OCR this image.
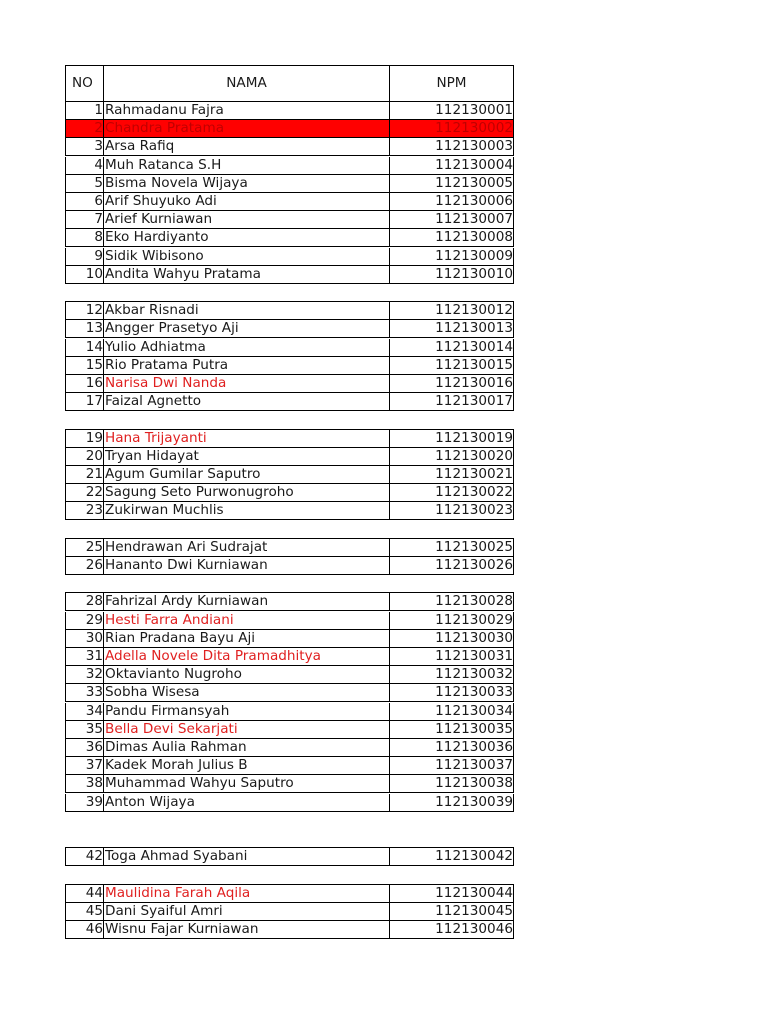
NO	NAMA	NPM
1 Rahmadanu Fajra	112130001
2 Chandra Pratama	112130002
3 Arsa Rafiq	112130003
4 Muh Ratanca S.H	112130004
5 Bisma Novela Wijaya	112130005
6 Arif Shuyuko Adi	112130006
7 Arief Kurniawan	112130007
8 Eko Hardiyanto	112130008
9 Sidik Wibisono	112130009
10 Andita Wahyu Pratama	112130010
12 Akbar Risnadi	112130012
13 Angger Prasetyo Aji	112130013
14 Yulio Adhiatma	112130014
15 Rio Pratama Putra	112130015
16 Narisa Dwi Nanda	112130016
17 Faizal Agnetto	112130017
19 Hana Trijayanti	112130019
20 Tryan Hidayat	112130020
21 Agum Gumilar Saputro	112130021
22 Sagung Seto Purwonugroho	112130022
23 Zukirwan Muchlis	112130023
25 Hendrawan Ari Sudrajat	112130025
26 Hananto Dwi Kurniawan	112130026
28 Fahrizal Ardy Kurniawan	112130028
29 Hesti Farra Andiani	112130029
30 Rian Pradana Bayu Aji	112130030
31 Adella Novele Dita Pramadhitya	112130031
32 Oktavianto Nugroho	112130032
33 Sobha Wisesa	112130033
34 Pandu Firmansyah	112130034
35 Bella Devi Sekarjati	112130035
36 Dimas Aulia Rahman	112130036
37 Kadek Morah Julius B	112130037
38 Muhammad Wahyu Saputro	112130038
39 Anton Wijaya	112130039
42 Toga Ahmad Syabani	112130042
44 Maulidina Farah Aqila	112130044
45 Dani Syaiful Amri	112130045
46 Wisnu Fajar Kurniawan	112130046
